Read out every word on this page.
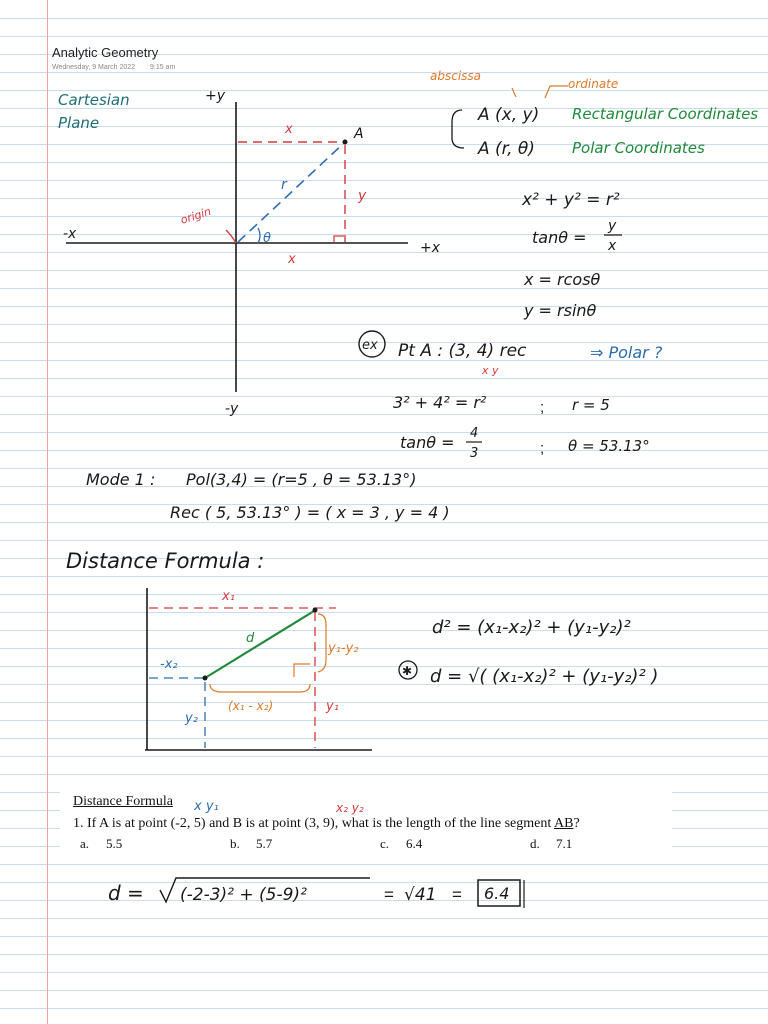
Analytic Geometry
Wednesday, 9 March 2022 9:15 am
Cartesian
Plane
+y
-y
-x
+x
A
x
x
y
r
θ
origin
abscissa
ordinate
A (x, y) Rectangular Coordinates
A (r, θ) Polar Coordinates
x² + y² = r²
tanθ =
y
x
x = rcosθ
y = rsinθ
ex Pt A : (3, 4) rec	⇒ Polar ?
x y
3² + 4² = r²	; r = 5
tanθ = 4
3	; θ = 53.13°
Mode 1 : Pol(3,4) = (r=5 , θ = 53.13°)
Rec ( 5, 53.13° ) = ( x = 3 , y = 4 )
Distance Formula :
x₁
-x₂
d
y₁-y₂
(x₁ - x₂)
y₂
y₁
d² = (x₁-x₂)² + (y₁-y₂)²
✱ d = √( (x₁-x₂)² + (y₁-y₂)² )
Distance Formula
1. If A is at point (-2, 5) and B is at point (3, 9), what is the length of the line segment AB?
a. 5.5	b. 5.7	c. 6.4	d. 7.1
x y₁	x₂ y₂
d = (-2-3)² + (5-9)²	= √41 = 6.4
